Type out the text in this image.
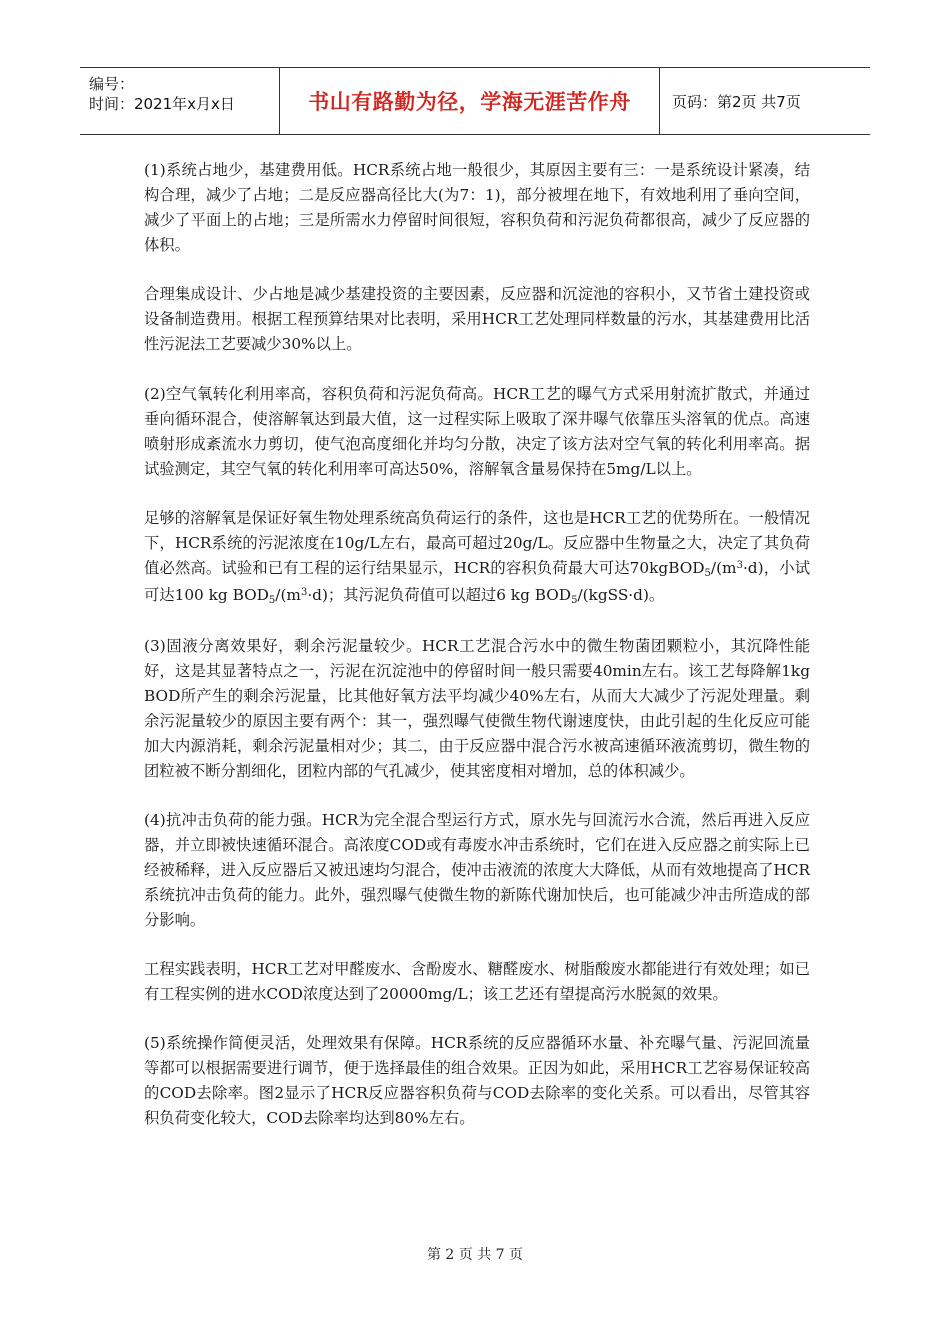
编号：
时间：2021年x月x日	书山有路勤为径，学海无涯苦作舟	页码：第2页 共7页

(1)系统占地少，基建费用低。HCR系统占地一般很少，其原因主要有三：一是系统设计紧凑，结构合理，减少了占地；二是反应器高径比大(为7：1)，部分被埋在地下，有效地利用了垂向空间，减少了平面上的占地；三是所需水力停留时间很短，容积负荷和污泥负荷都很高，减少了反应器的体积。

合理集成设计、少占地是减少基建投资的主要因素，反应器和沉淀池的容积小，又节省土建投资或设备制造费用。根据工程预算结果对比表明，采用HCR工艺处理同样数量的污水，其基建费用比活性污泥法工艺要减少30%以上。

(2)空气氧转化利用率高，容积负荷和污泥负荷高。HCR工艺的曝气方式采用射流扩散式，并通过垂向循环混合，使溶解氧达到最大值，这一过程实际上吸取了深井曝气依靠压头溶氧的优点。高速喷射形成紊流水力剪切，使气泡高度细化并均匀分散，决定了该方法对空气氧的转化利用率高。据试验测定，其空气氧的转化利用率可高达50%，溶解氧含量易保持在5mg/L以上。

足够的溶解氧是保证好氧生物处理系统高负荷运行的条件，这也是HCR工艺的优势所在。一般情况下，HCR系统的污泥浓度在10g/L左右，最高可超过20g/L。反应器中生物量之大，决定了其负荷值必然高。试验和已有工程的运行结果显示，HCR的容积负荷最大可达$70kgBOD_5/(m^3\cdot d)$，小试可达100 kg $BOD_5/(m^3\cdot d)$；其污泥负荷值可以超过6 kg $BOD_5/(kgSS\cdot d)$。

(3)固液分离效果好，剩余污泥量较少。HCR工艺混合污水中的微生物菌团颗粒小，其沉降性能好，这是其显著特点之一，污泥在沉淀池中的停留时间一般只需要40min左右。该工艺每降解1kg BOD所产生的剩余污泥量，比其他好氧方法平均减少40%左右，从而大大减少了污泥处理量。剩余污泥量较少的原因主要有两个：其一，强烈曝气使微生物代谢速度快，由此引起的生化反应可能加大内源消耗，剩余污泥量相对少；其二，由于反应器中混合污水被高速循环液流剪切，微生物的团粒被不断分割细化，团粒内部的气孔减少，使其密度相对增加，总的体积减少。

(4)抗冲击负荷的能力强。HCR为完全混合型运行方式，原水先与回流污水合流，然后再进入反应器，并立即被快速循环混合。高浓度COD或有毒废水冲击系统时，它们在进入反应器之前实际上已经被稀释，进入反应器后又被迅速均匀混合，使冲击液流的浓度大大降低，从而有效地提高了HCR系统抗冲击负荷的能力。此外，强烈曝气使微生物的新陈代谢加快后，也可能减少冲击所造成的部分影响。

工程实践表明，HCR工艺对甲醛废水、含酚废水、糖醛废水、树脂酸废水都能进行有效处理；如已有工程实例的进水COD浓度达到了20000mg/L；该工艺还有望提高污水脱氮的效果。

(5)系统操作简便灵活，处理效果有保障。HCR系统的反应器循环水量、补充曝气量、污泥回流量等都可以根据需要进行调节，便于选择最佳的组合效果。正因为如此，采用HCR工艺容易保证较高的COD去除率。图2显示了HCR反应器容积负荷与COD去除率的变化关系。可以看出，尽管其容积负荷变化较大，COD去除率均达到80%左右。

第 2 页 共 7 页
